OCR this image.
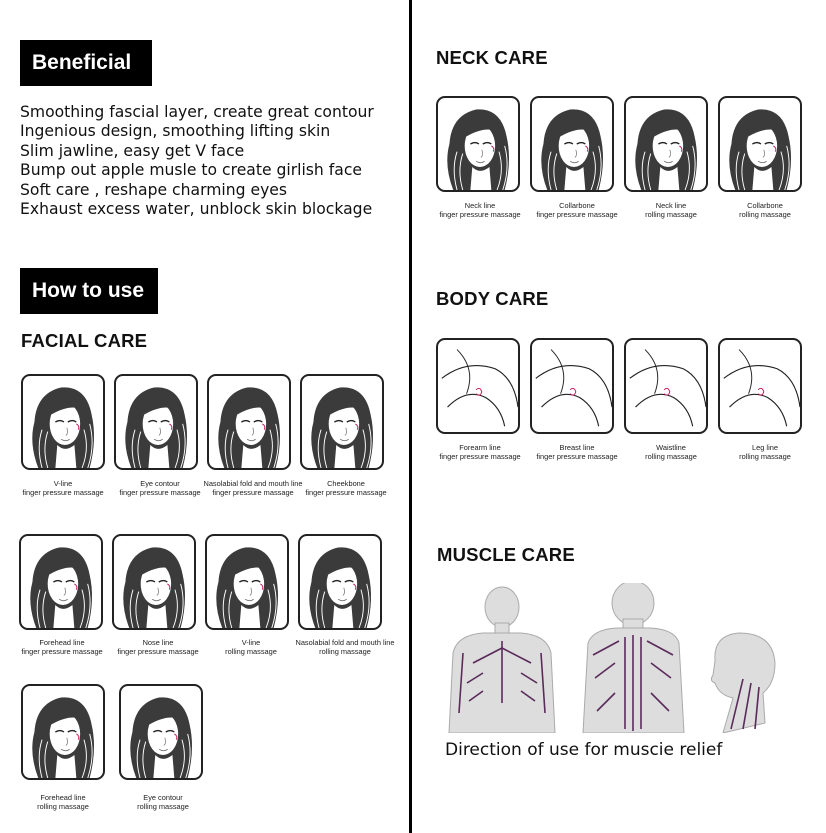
Beneficial
Smoothing fascial layer, create great contour
Ingenious design, smoothing lifting skin
Slim jawline, easy get V face
Bump out apple musle to create girlish face
Soft care , reshape charming eyes
Exhaust excess water, unblock skin blockage
How to use
FACIAL CARE
V-line
finger pressure massage
Eye contour
finger pressure massage
Nasolabial fold and mouth line
finger pressure massage
Cheekbone
finger pressure massage
Forehead line
finger pressure massage
Nose line
finger pressure massage
V-line
rolling massage
Nasolabial fold and mouth line
rolling massage
Forehead line
rolling massage
Eye contour
rolling massage
NECK CARE
Neck line
finger pressure massage
Collarbone
finger pressure massage
Neck line
rolling massage
Collarbone
rolling massage
BODY CARE
Forearm line
finger pressure massage
Breast line
finger pressure massage
Waistline
rolling massage
Leg line
rolling massage
MUSCLE CARE
Direction of use for muscie relief
